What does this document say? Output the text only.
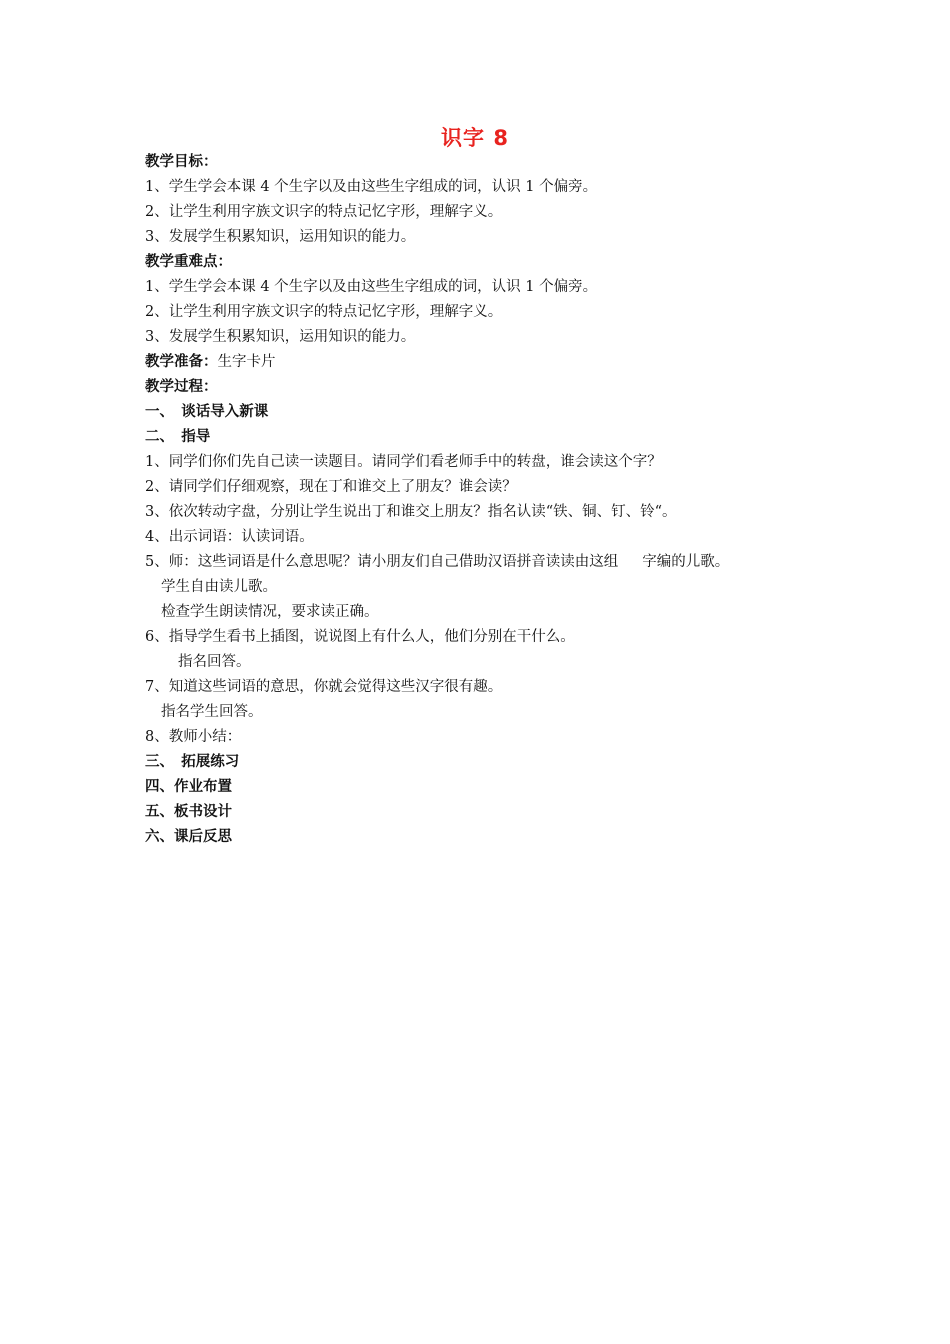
识字 8
教学目标：
1、学生学会本课 4 个生字以及由这些生字组成的词，认识 1 个偏旁。
2、让学生利用字族文识字的特点记忆字形，理解字义。
3、发展学生积累知识，运用知识的能力。
教学重难点：
1、学生学会本课 4 个生字以及由这些生字组成的词，认识 1 个偏旁。
2、让学生利用字族文识字的特点记忆字形，理解字义。
3、发展学生积累知识，运用知识的能力。
教学准备：生字卡片
教学过程：
一、　谈话导入新课
二、　指导
1、同学们你们先自己读一读题目。请同学们看老师手中的转盘，谁会读这个字？
2、请同学们仔细观察，现在丁和谁交上了朋友？谁会读？
3、依次转动字盘，分别让学生说出丁和谁交上朋友？指名认读“铁、铜、钉、铃“。
4、出示词语：认读词语。
5、师：这些词语是什么意思呢？请小朋友们自己借助汉语拼音读读由这组 字编的儿歌。
学生自由读儿歌。
检查学生朗读情况，要求读正确。
6、指导学生看书上插图，说说图上有什么人，他们分别在干什么。
指名回答。
7、知道这些词语的意思，你就会觉得这些汉字很有趣。
指名学生回答。
8、教师小结：
三、　拓展练习
四、作业布置
五、板书设计
六、课后反思
